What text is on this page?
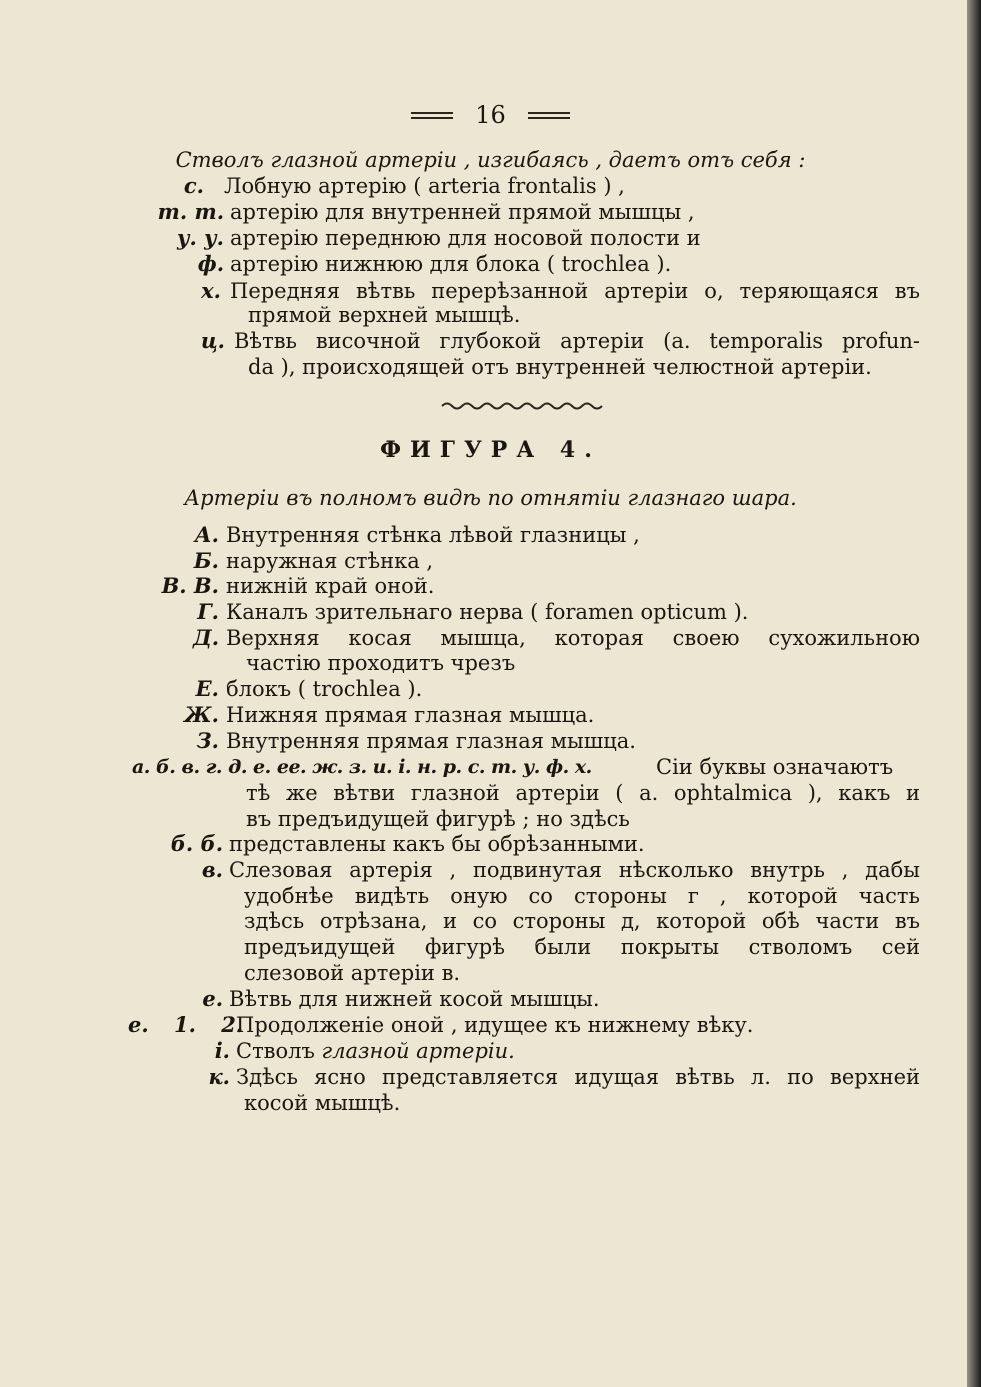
16
Стволъ глазной артеріи , изгибаясь , даетъ отъ себя :
с. Лобную артерію ( arteria frontalis ) ,
т. т. артерію для внутренней прямой мышцы ,
у. у. артерію переднюю для носовой полости и
ф. артерію нижнюю для блока ( trochlea ).
х. Передняя вѣтвь перерѣзанной артеріи о, теряющаяся въ
прямой верхней мышцѣ.
ц. Вѣтвь височной глубокой артеріи (a. temporalis profun-
da ), происходящей отъ внутренней челюстной артеріи.
ФИГУРА 4.
Артеріи въ полномъ видѣ по отнятіи глазнаго шара.
А. Внутренняя стѣнка лѣвой глазницы ,
Б. наружная стѣнка ,
В. В. нижній край оной.
Г. Каналъ зрительнаго нерва ( foramen opticum ).
Д. Верхняя косая мышца, которая своею сухожильною
частію проходитъ чрезъ
Е. блокъ ( trochlea ).
Ж. Нижняя прямая глазная мышца.
З. Внутренняя прямая глазная мышца.
а. б. в. г. д. е. ее. ж. з. и. і. н. р. с. т. у. ф. х.	Сіи буквы означаютъ
тѣ же вѣтви глазной артеріи ( a. ophtalmica ), какъ и
въ предъидущей фигурѣ ; но здѣсь
б. б. представлены какъ бы обрѣзанными.
в. Слезовая артерія , подвинутая нѣсколько внутрь , дабы
удобнѣе видѣть оную со стороны г , которой часть
здѣсь отрѣзана, и со стороны д, которой обѣ части въ
предъидущей фигурѣ были покрыты стволомъ сей
слезовой артеріи в.
е. Вѣтвь для нижней косой мышцы.
е. 1. 2.
Продолженіе оной , идущее къ нижнему вѣку.
і. Стволъ глазной артеріи.
к. Здѣсь ясно представляется идущая вѣтвь л. по верхней
косой мышцѣ.
